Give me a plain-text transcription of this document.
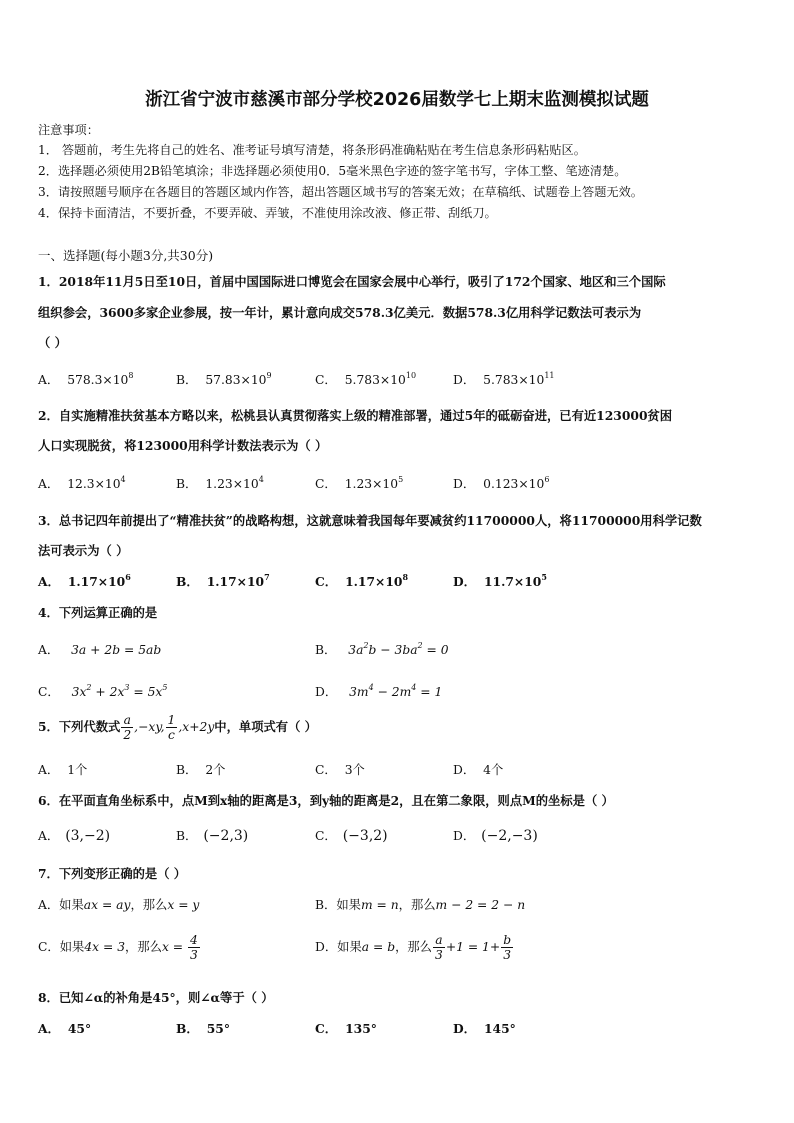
浙江省宁波市慈溪市部分学校2026届数学七上期末监测模拟试题
注意事项：
1． 答题前，考生先将自己的姓名、准考证号填写清楚，将条形码准确粘贴在考生信息条形码粘贴区。
2．选择题必须使用2B铅笔填涂；非选择题必须使用0．5毫米黑色字迹的签字笔书写，字体工整、笔迹清楚。
3．请按照题号顺序在各题目的答题区域内作答，超出答题区域书写的答案无效；在草稿纸、试题卷上答题无效。
4．保持卡面清洁，不要折叠，不要弄破、弄皱，不准使用涂改液、修正带、刮纸刀。
一、选择题(每小题3分,共30分)
1．2018年11月5日至10日，首届中国国际进口博览会在国家会展中心举行，吸引了172个国家、地区和三个国际
组织参会，3600多家企业参展，按一年计，累计意向成交578.3亿美元．数据578.3亿用科学记数法可表示为
（ ）
A． $578.3\times 10^8$	B． $57.83\times 10^9$	C． $5.783\times 10^{10}$	D． $5.783\times 10^{11}$
2．自实施精准扶贫基本方略以来，松桃县认真贯彻落实上级的精准部署，通过5年的砥砺奋进，已有近123000贫困
人口实现脱贫，将123000用科学计数法表示为（ ）
A． $12.3\times 10^4$	B． $1.23\times 10^4$	C． $1.23\times 10^5$	D． $0.123\times 10^6$
3．总书记四年前提出了“精准扶贫”的战略构想，这就意味着我国每年要减贫约11700000人，将11700000用科学记数
法可表示为（ ）
A． $1.17\times 10^6$	B． $1.17\times 10^7$	C． $1.17\times 10^8$	D． $11.7\times 10^5$
4．下列运算正确的是
A． 3a + 2b = 5ab	B． $3a^2b - 3ba^2 = 0$
C． $3x^2 + 2x^3 = 5x^5$	D． $3m^4 - 2m^4 = 1$
5．下列代数式 $\frac{a}{2} ,-xy$, $\frac{1}{c} ,x+2y$中，单项式有（ ）
A． 1个	B． 2个	C． 3个	D． 4个
6．在平面直角坐标系中，点M到x轴的距离是3，到y轴的距离是2，且在第二象限，则点M的坐标是（ ）
A． (3,−2)	B． (−2,3)	C． (−3,2)	D． (−2,−3)
7．下列变形正确的是（ ）
A．如果ax = ay，那么x = y	B．如果m = n，那么m − 2 = 2 − n
C．如果4x = 3，那么$x = \frac{4}{3}$	D．如果a = b，那么 $\frac{a}{3} +1 = 1+ \frac{b}{3}$
8．已知∠α的补角是45°，则∠α等于（ ）
A． 45°	B． 55°	C． 135°	D． 145°
